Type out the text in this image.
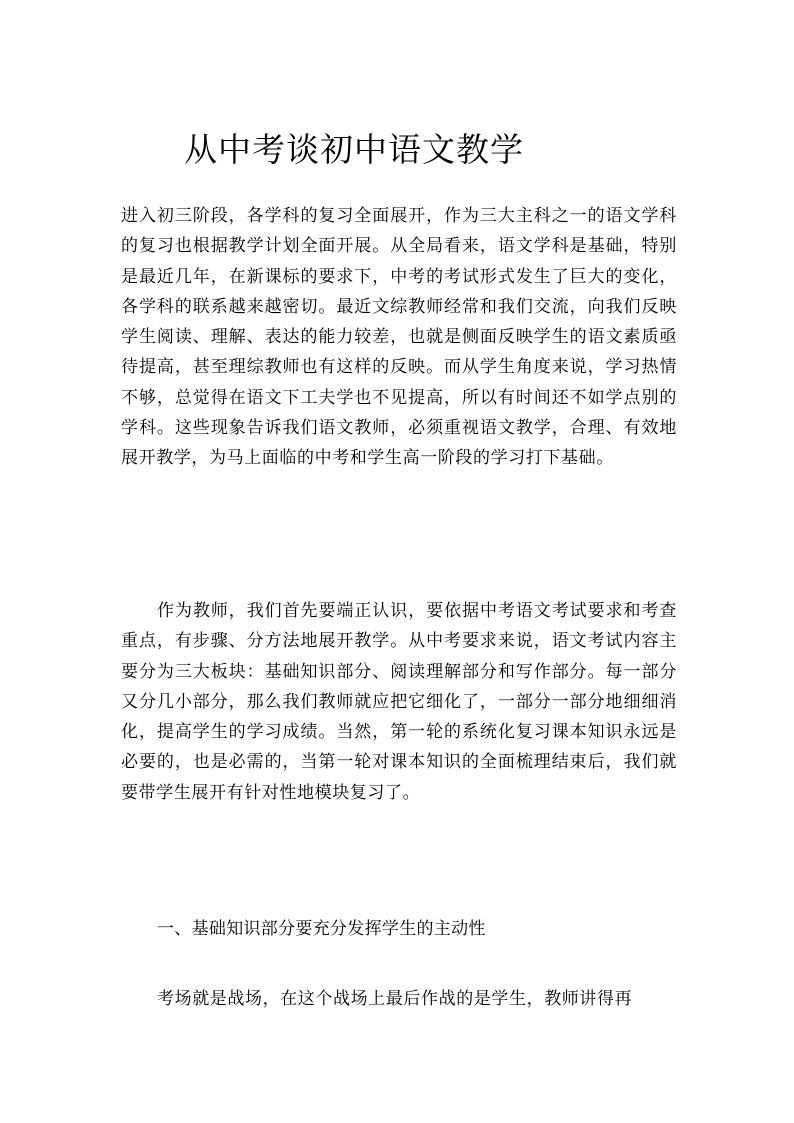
从中考谈初中语文教学

进入初三阶段，各学科的复习全面展开，作为三大主科之一的语文学科的复习也根据教学计划全面开展。从全局看来，语文学科是基础，特别是最近几年，在新课标的要求下，中考的考试形式发生了巨大的变化，各学科的联系越来越密切。最近文综教师经常和我们交流，向我们反映学生阅读、理解、表达的能力较差，也就是侧面反映学生的语文素质亟待提高，甚至理综教师也有这样的反映。而从学生角度来说，学习热情不够，总觉得在语文下工夫学也不见提高，所以有时间还不如学点别的学科。这些现象告诉我们语文教师，必须重视语文教学，合理、有效地展开教学，为马上面临的中考和学生高一阶段的学习打下基础。

作为教师，我们首先要端正认识，要依据中考语文考试要求和考查重点，有步骤、分方法地展开教学。从中考要求来说，语文考试内容主要分为三大板块：基础知识部分、阅读理解部分和写作部分。每一部分又分几小部分，那么我们教师就应把它细化了，一部分一部分地细细消化，提高学生的学习成绩。当然，第一轮的系统化复习课本知识永远是必要的，也是必需的，当第一轮对课本知识的全面梳理结束后，我们就要带学生展开有针对性地模块复习了。

一、基础知识部分要充分发挥学生的主动性

考场就是战场，在这个战场上最后作战的是学生，教师讲得再
